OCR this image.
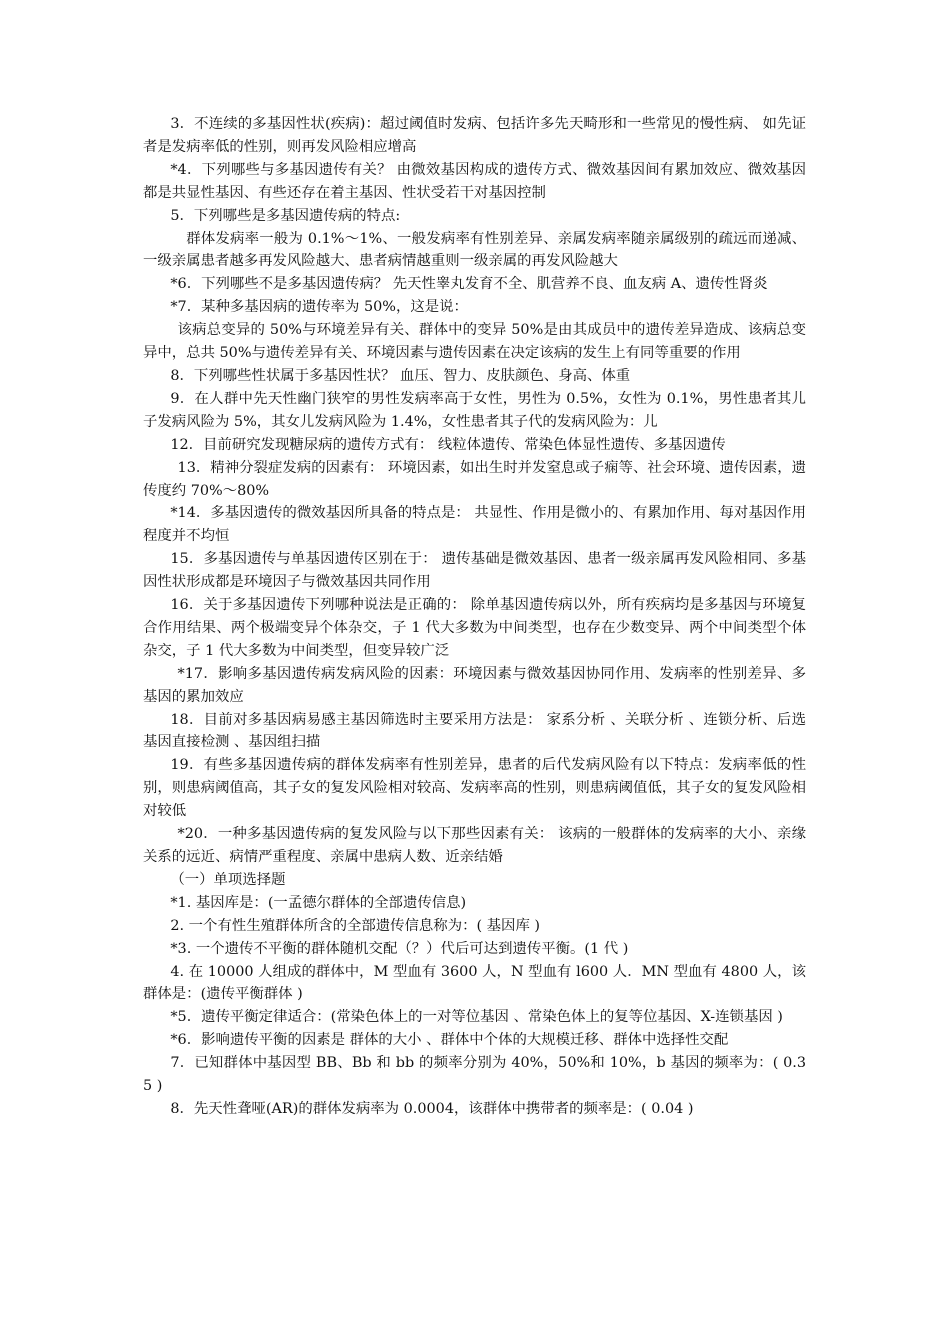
3．不连续的多基因性状(疾病)：超过阈值时发病、包括许多先天畸形和一些常见的慢性病、 如先证者是发病率低的性别，则再发风险相应增高

*4．下列哪些与多基因遗传有关？ 由微效基因构成的遗传方式、微效基因间有累加效应、微效基因都是共显性基因、有些还存在着主基因、性状受若干对基因控制

5．下列哪些是多基因遗传病的特点:

群体发病率一般为 0.1%～1%、一般发病率有性别差异、亲属发病率随亲属级别的疏远而递减、一级亲属患者越多再发风险越大、患者病情越重则一级亲属的再发风险越大

*6．下列哪些不是多基因遗传病？ 先天性睾丸发育不全、肌营养不良、血友病 A、遗传性肾炎

*7．某种多基因病的遗传率为 50%，这是说：

该病总变异的 50%与环境差异有关、群体中的变异 50%是由其成员中的遗传差异造成、该病总变异中，总共 50%与遗传差异有关、环境因素与遗传因素在决定该病的发生上有同等重要的作用

8．下列哪些性状属于多基因性状？ 血压、智力、皮肤颜色、身高、体重

9．在人群中先天性幽门狭窄的男性发病率高于女性，男性为 0.5%，女性为 0.1%，男性患者其儿子发病风险为 5%，其女儿发病风险为 1.4%，女性患者其子代的发病风险为：儿

12．目前研究发现糖尿病的遗传方式有： 线粒体遗传、常染色体显性遗传、多基因遗传

13．精神分裂症发病的因素有： 环境因素，如出生时并发窒息或子痫等、社会环境、遗传因素，遗传度约 70%～80%

*14．多基因遗传的微效基因所具备的特点是： 共显性、作用是微小的、有累加作用、每对基因作用程度并不均恒

15．多基因遗传与单基因遗传区别在于： 遗传基础是微效基因、患者一级亲属再发风险相同、多基因性状形成都是环境因子与微效基因共同作用

16．关于多基因遗传下列哪种说法是正确的： 除单基因遗传病以外，所有疾病均是多基因与环境复合作用结果、两个极端变异个体杂交，子 1 代大多数为中间类型，也存在少数变异、两个中间类型个体杂交，子 1 代大多数为中间类型，但变异较广泛

*17．影响多基因遗传病发病风险的因素：环境因素与微效基因协同作用、发病率的性别差异、多基因的累加效应

18．目前对多基因病易感主基因筛选时主要采用方法是： 家系分析 、关联分析 、连锁分析、后选基因直接检测 、基因组扫描

19．有些多基因遗传病的群体发病率有性别差异，患者的后代发病风险有以下特点：发病率低的性别，则患病阈值高，其子女的复发风险相对较高、发病率高的性别，则患病阈值低，其子女的复发风险相对较低

*20．一种多基因遗传病的复发风险与以下那些因素有关： 该病的一般群体的发病率的大小、亲缘关系的远近、病情严重程度、亲属中患病人数、近亲结婚

（一）单项选择题

*1. 基因库是：(一孟德尔群体的全部遗传信息)

2. 一个有性生殖群体所含的全部遗传信息称为：( 基因库 )

*3. 一个遗传不平衡的群体随机交配（？）代后可达到遗传平衡。(1 代 )

4. 在 10000 人组成的群体中，M 型血有 3600 人，N 型血有 l600 人．MN 型血有 4800 人，该群体是：(遗传平衡群体 )

*5．遗传平衡定律适合：(常染色体上的一对等位基因 、常染色体上的复等位基因、X-连锁基因 )

*6．影响遗传平衡的因素是 群体的大小 、群体中个体的大规模迁移、群体中选择性交配

7．已知群体中基因型 BB、Bb 和 bb 的频率分别为 40%，50%和 10%，b 基因的频率为：( 0.35 )

8．先天性聋哑(AR)的群体发病率为 0.0004，该群体中携带者的频率是：( 0.04 )
